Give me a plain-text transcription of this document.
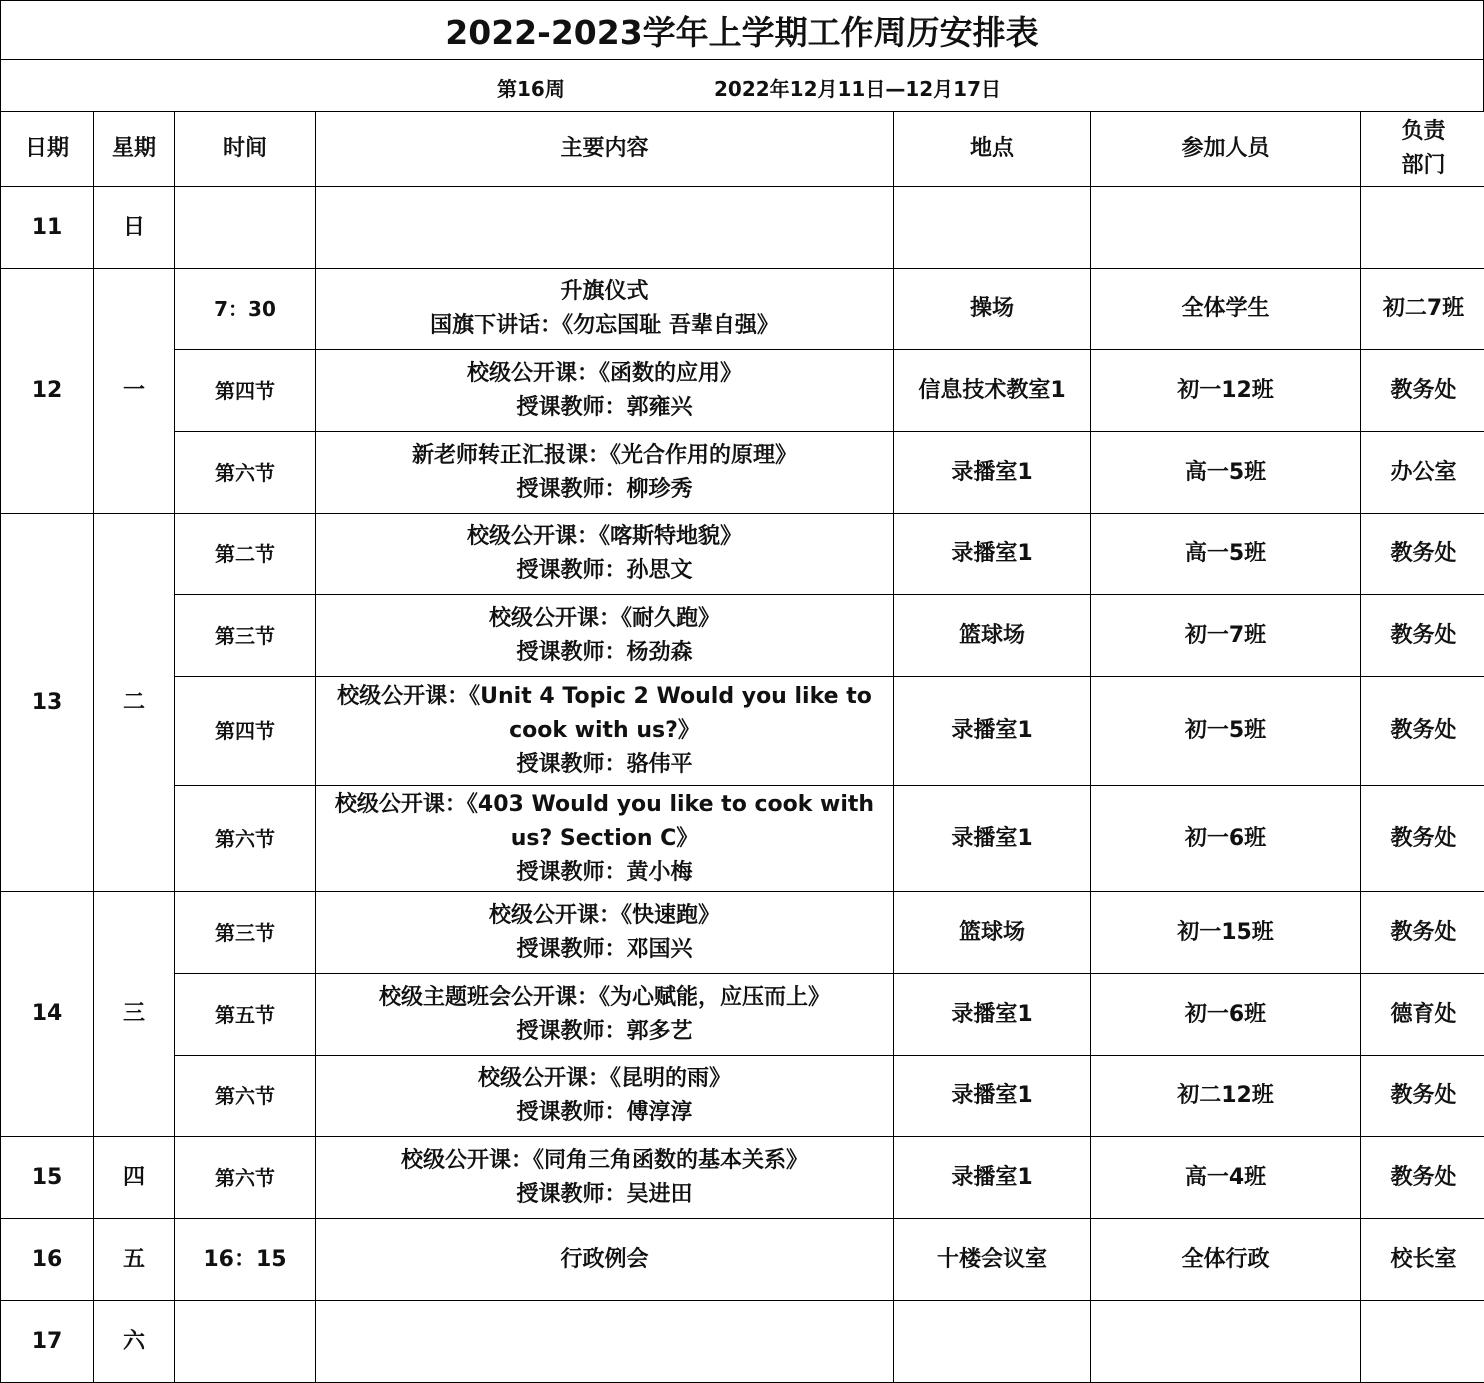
2022-2023学年上学期工作周历安排表
第16周	2022年12月11日—12月17日
日期	星期	时间	主要内容	地点	参加人员	负责
部门

11	日					
12	一	7：30	升旗仪式
国旗下讲话：《勿忘国耻 吾辈自强》	操场	全体学生	初二7班
		第四节	校级公开课：《函数的应用》
授课教师：郭雍兴	信息技术教室1	初一12班	教务处
		第六节	新老师转正汇报课：《光合作用的原理》
授课教师：柳珍秀	录播室1	高一5班	办公室
13	二	第二节	校级公开课：《喀斯特地貌》
授课教师：孙思文	录播室1	高一5班	教务处
		第三节	校级公开课：《耐久跑》
授课教师：杨劲森	篮球场	初一7班	教务处
		第四节	校级公开课：《Unit 4 Topic 2 Would you like to
cook with us?》
授课教师：骆伟平	录播室1	初一5班	教务处
		第六节	校级公开课：《403 Would you like to cook with
us? Section C》
授课教师：黄小梅	录播室1	初一6班	教务处
14	三	第三节	校级公开课：《快速跑》
授课教师：邓国兴	篮球场	初一15班	教务处
		第五节	校级主题班会公开课：《为心赋能，应压而上》
授课教师：郭多艺	录播室1	初一6班	德育处
		第六节	校级公开课：《昆明的雨》
授课教师：傅淳淳	录播室1	初二12班	教务处
15	四	第六节	校级公开课：《同角三角函数的基本关系》
授课教师：吴进田	录播室1	高一4班	教务处
16	五	16：15	行政例会	十楼会议室	全体行政	校长室
17	六					
